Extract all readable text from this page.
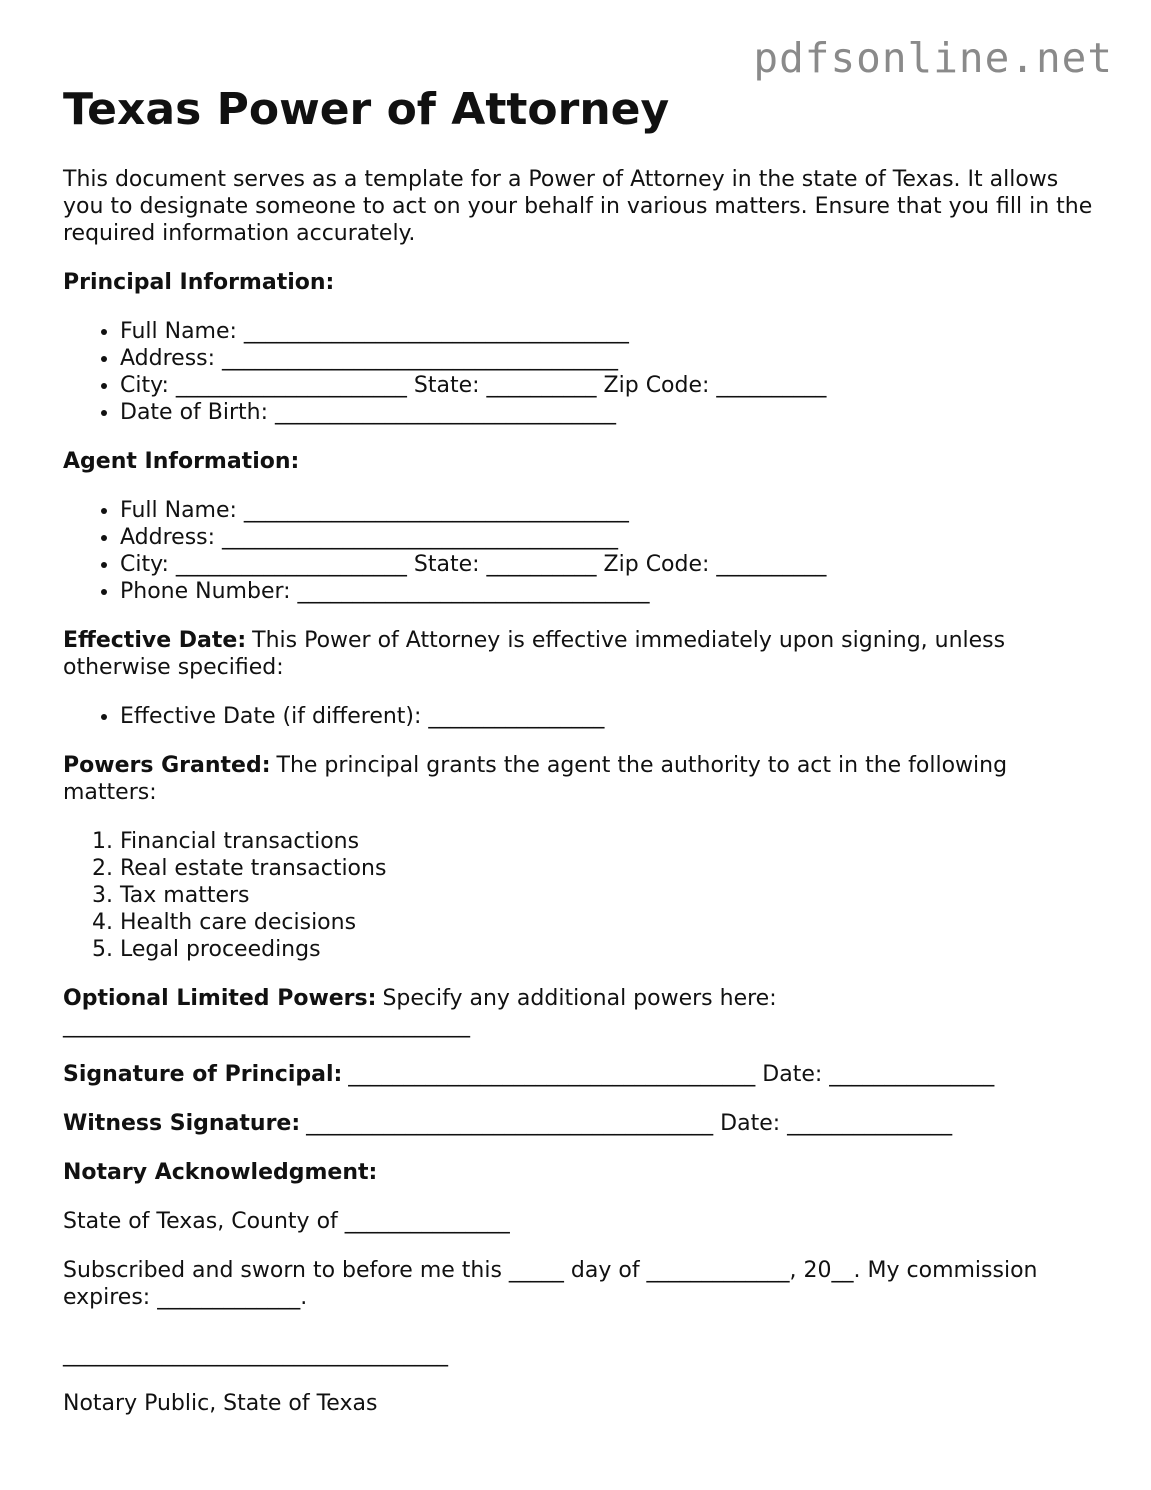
pdfsonline.net
Texas Power of Attorney

This document serves as a template for a Power of Attorney in the state of Texas. It allows you to designate someone to act on your behalf in various matters. Ensure that you fill in the required information accurately.

Principal Information:
• Full Name: ___________________________________
• Address: ____________________________________
• City: _____________________ State: __________ Zip Code: __________
• Date of Birth: _______________________________
Agent Information:
• Full Name: ___________________________________
• Address: ____________________________________
• City: _____________________ State: __________ Zip Code: __________
• Phone Number: ________________________________

Effective Date: This Power of Attorney is effective immediately upon signing, unless otherwise specified:

• Effective Date (if different): ________________

Powers Granted: The principal grants the agent the authority to act in the following matters:

1. Financial transactions
2. Real estate transactions
3. Tax matters
4. Health care decisions
5. Legal proceedings

Optional Limited Powers: Specify any additional powers here: _____________________________________

Signature of Principal: _____________________________________ Date: _______________

Witness Signature: _____________________________________ Date: _______________

Notary Acknowledgment:

State of Texas, County of _______________

Subscribed and sworn to before me this _____ day of _____________, 20__. My commission expires: _____________.

___________________________________

Notary Public, State of Texas
